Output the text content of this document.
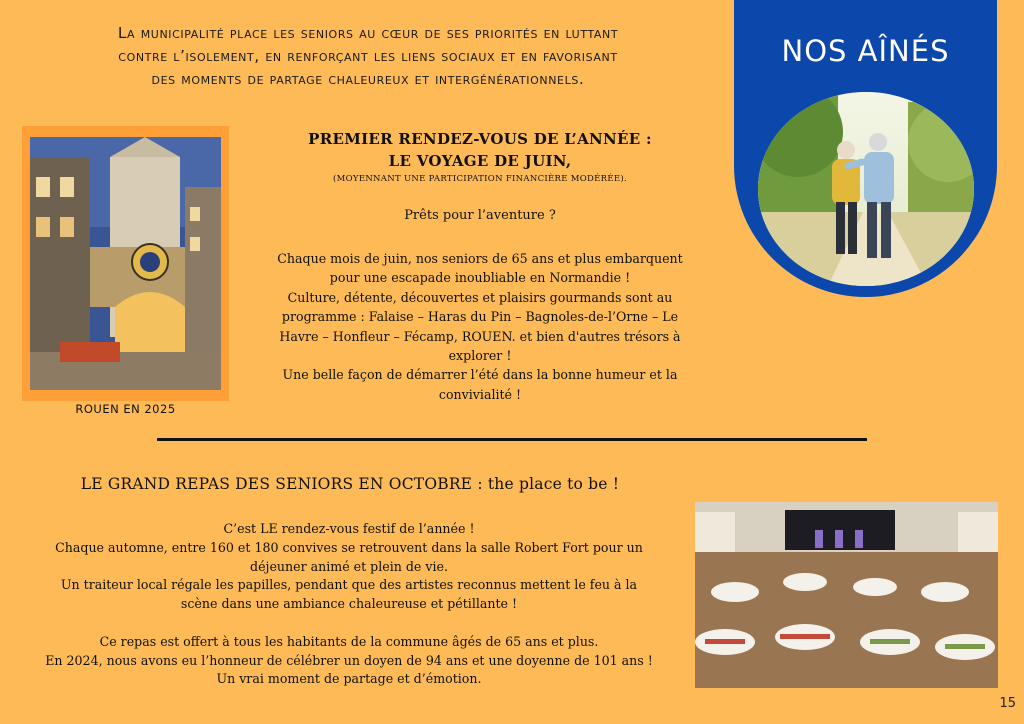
La municipalité place les seniors au cœur de ses priorités en luttant
contre l’isolement, en renforçant les liens sociaux et en favorisant
des moments de partage chaleureux et intergénérationnels.
NOS AÎNÉS
ROUEN EN 2025
PREMIER RENDEZ-VOUS DE L’ANNÉE :
LE VOYAGE DE JUIN,
(MOYENNANT UNE PARTICIPATION FINANCIÈRE MODÉRÉE).
Prêts pour l’aventure ?
Chaque mois de juin, nos seniors de 65 ans et plus embarquent
pour une escapade inoubliable en Normandie !
Culture, détente, découvertes et plaisirs gourmands sont au
programme : Falaise – Haras du Pin – Bagnoles-de-l’Orne – Le
Havre – Honfleur – Fécamp, ROUEN. et bien d'autres trésors à
explorer !
Une belle façon de démarrer l’été dans la bonne humeur et la
convivialité !
LE GRAND REPAS DES SENIORS EN OCTOBRE : the place to be !

C’est LE rendez-vous festif de l’année !

Chaque automne, entre 160 et 180 convives se retrouvent dans la salle Robert Fort pour un

déjeuner animé et plein de vie.

Un traiteur local régale les papilles, pendant que des artistes reconnus mettent le feu à la

scène dans une ambiance chaleureuse et pétillante !

Ce repas est offert à tous les habitants de la commune âgés de 65 ans et plus.

En 2024, nous avons eu l’honneur de célébrer un doyen de 94 ans et une doyenne de 101 ans !

Un vrai moment de partage et d’émotion.

15
